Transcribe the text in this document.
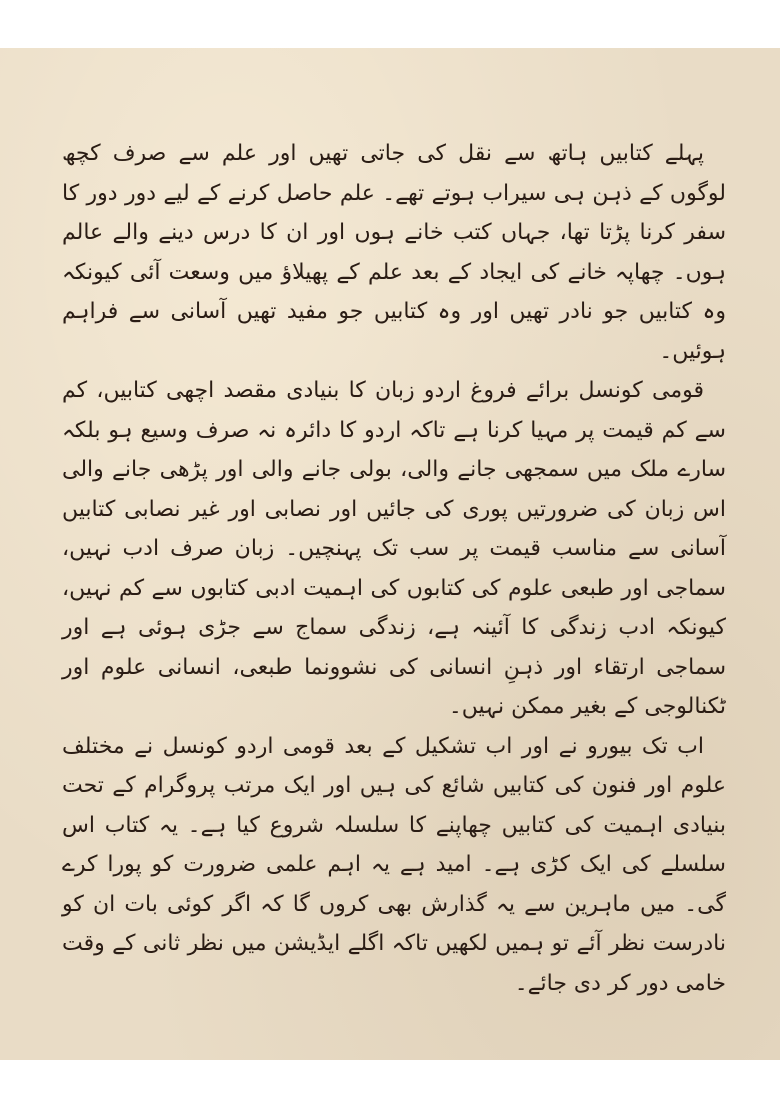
پہلے کتابیں ہاتھ سے نقل کی جاتی تھیں اور علم سے صرف کچھ لوگوں کے ذہن ہی سیراب ہوتے تھے۔ علم حاصل کرنے کے لیے دور دور کا سفر کرنا پڑتا تھا، جہاں کتب خانے ہوں اور ان کا درس دینے والے عالم ہوں۔ چھاپہ خانے کی ایجاد کے بعد علم کے پھیلاؤ میں وسعت آئی کیونکہ وہ کتابیں جو نادر تھیں اور وہ کتابیں جو مفید تھیں آسانی سے فراہم ہوئیں۔

قومی کونسل برائے فروغ اردو زبان کا بنیادی مقصد اچھی کتابیں، کم سے کم قیمت پر مہیا کرنا ہے تاکہ اردو کا دائرہ نہ صرف وسیع ہو بلکہ سارے ملک میں سمجھی جانے والی، بولی جانے والی اور پڑھی جانے والی اس زبان کی ضرورتیں پوری کی جائیں اور نصابی اور غیر نصابی کتابیں آسانی سے مناسب قیمت پر سب تک پہنچیں۔ زبان صرف ادب نہیں، سماجی اور طبعی علوم کی کتابوں کی اہمیت ادبی کتابوں سے کم نہیں، کیونکہ ادب زندگی کا آئینہ ہے، زندگی سماج سے جڑی ہوئی ہے اور سماجی ارتقاء اور ذہنِ انسانی کی نشوونما طبعی، انسانی علوم اور ٹکنالوجی کے بغیر ممکن نہیں۔

اب تک بیورو نے اور اب تشکیل کے بعد قومی اردو کونسل نے مختلف علوم اور فنون کی کتابیں شائع کی ہیں اور ایک مرتب پروگرام کے تحت بنیادی اہمیت کی کتابیں چھاپنے کا سلسلہ شروع کیا ہے۔ یہ کتاب اس سلسلے کی ایک کڑی ہے۔ امید ہے یہ اہم علمی ضرورت کو پورا کرے گی۔ میں ماہرین سے یہ گذارش بھی کروں گا کہ اگر کوئی بات ان کو نادرست نظر آئے تو ہمیں لکھیں تاکہ اگلے ایڈیشن میں نظر ثانی کے وقت خامی دور کر دی جائے۔
